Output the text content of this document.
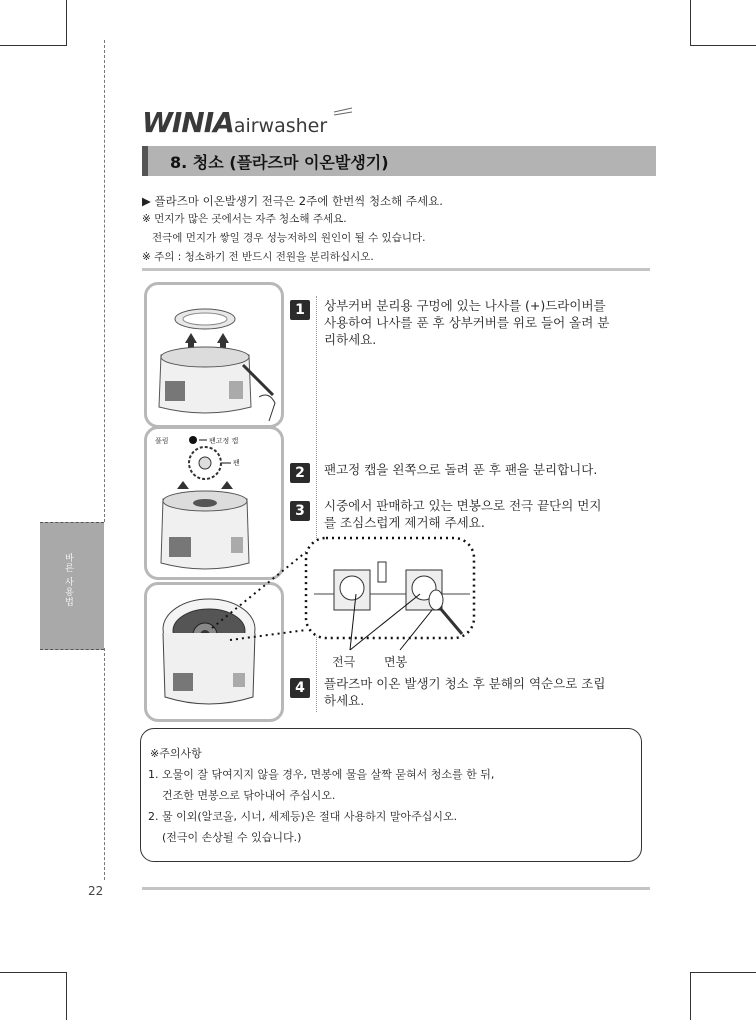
바른 사용법
WINIAairwasher
8. 청소 (플라즈마 이온발생기)
▶ 플라즈마 이온발생기 전극은 2주에 한번씩 청소해 주세요.
※ 먼지가 많은 곳에서는 자주 청소해 주세요.
전극에 먼지가 쌓일 경우 성능저하의 원인이 될 수 있습니다.
※ 주의 : 청소하기 전 반드시 전원을 분리하십시오.
풀림	팬고정 캡
팬
1	상부커버 분리용 구멍에 있는 나사를 (+)드라이버를
사용하여 나사를 푼 후 상부커버를 위로 들어 올려 분
리하세요.
2	팬고정 캡을 왼쪽으로 돌려 푼 후 팬을 분리합니다.
3	시중에서 판매하고 있는 면봉으로 전극 끝단의 먼지
를 조심스럽게 제거해 주세요.
전극 면봉
4	플라즈마 이온 발생기 청소 후 분해의 역순으로 조립
하세요.
※주의사항
1. 오물이 잘 닦여지지 않을 경우, 면봉에 물을 살짝 묻혀서 청소를 한 뒤,
건조한 면봉으로 닦아내어 주십시오.
2. 물 이외(알코올, 시너, 세제등)은 절대 사용하지 말아주십시오.
(전극이 손상될 수 있습니다.)
22
